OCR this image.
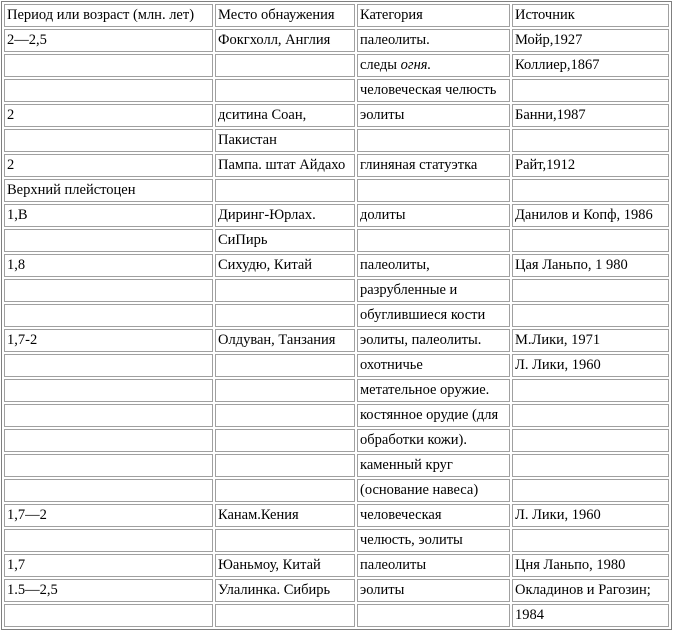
Период или возраст (млн. лет)	Место обнаужения	Категория	Источник
2—2,5	Фокгхолл, Англия	палеолиты.	Мойр,1927
		следы огня.	Коллиер,1867
		человеческая челюсть	
2	дситина Соан,	эолиты	Банни,1987
	Пакистан		
2	Пампа. штат Айдахо	глиняная статуэтка	Райт,1912
Верхний плейстоцен			
1,В	Диринг-Юрлах.	долиты	Данилов и Копф, 1986
	СиПирь		
1,8	Сихудю, Китай	палеолиты,	Цая Ланьпо, 1 980
		разрубленные и	
		обуглившиеся кости	
1,7-2	Олдуван, Танзания	эолиты, палеолиты.	М.Лики, 1971
		охотничье	Л. Лики, 1960
		метательное оружие.	
		костянное орудие (для	
		обработки кожи).	
		каменный круг	
		(основание навеса)	
1,7—2	Канам.Кения	человеческая	Л. Лики, 1960
		челюсть, эолиты	
1,7	Юаньмоу, Китай	палеолиты	Цня Ланьпо, 1980
1.5—2,5	Улалинка. Сибирь	эолиты	Окладинов и Рагозин;
			1984
